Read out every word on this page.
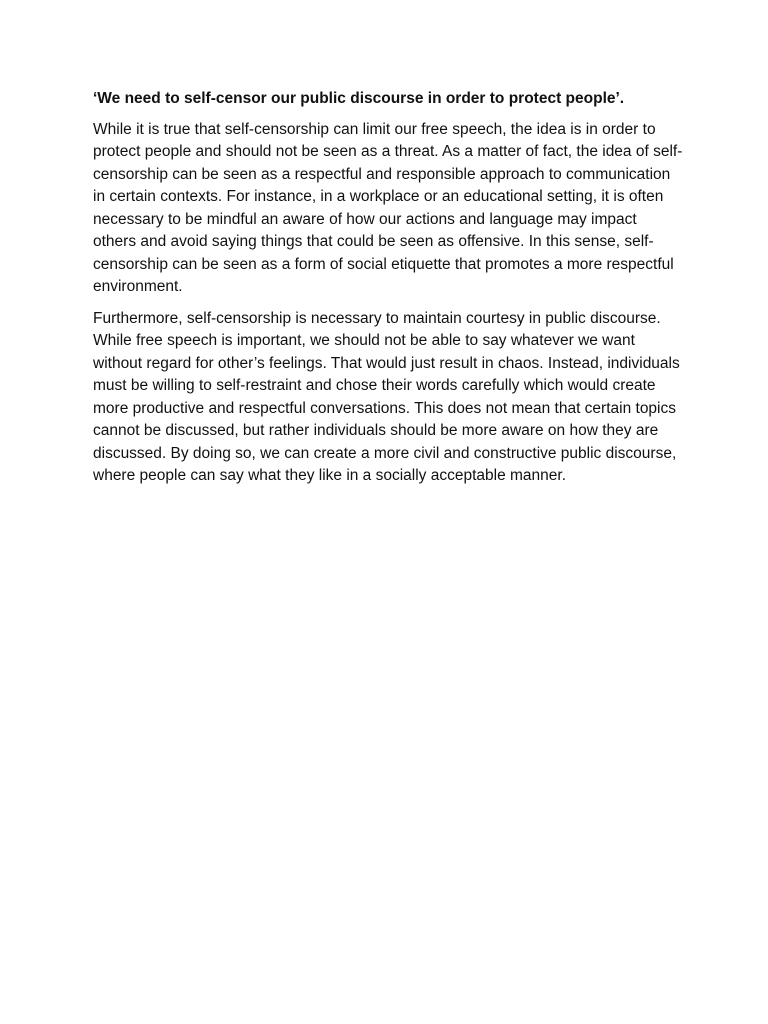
‘We need to self-censor our public discourse in order to protect people’.

While it is true that self-censorship can limit our free speech, the idea is in order to protect people and should not be seen as a threat. As a matter of fact, the idea of self-censorship can be seen as a respectful and responsible approach to communication in certain contexts. For instance, in a workplace or an educational setting, it is often necessary to be mindful an aware of how our actions and language may impact others and avoid saying things that could be seen as offensive. In this sense, self-censorship can be seen as a form of social etiquette that promotes a more respectful environment.

Furthermore, self-censorship is necessary to maintain courtesy in public discourse. While free speech is important, we should not be able to say whatever we want without regard for other’s feelings. That would just result in chaos. Instead, individuals must be willing to self-restraint and chose their words carefully which would create more productive and respectful conversations. This does not mean that certain topics cannot be discussed, but rather individuals should be more aware on how they are discussed. By doing so, we can create a more civil and constructive public discourse, where people can say what they like in a socially acceptable manner.
